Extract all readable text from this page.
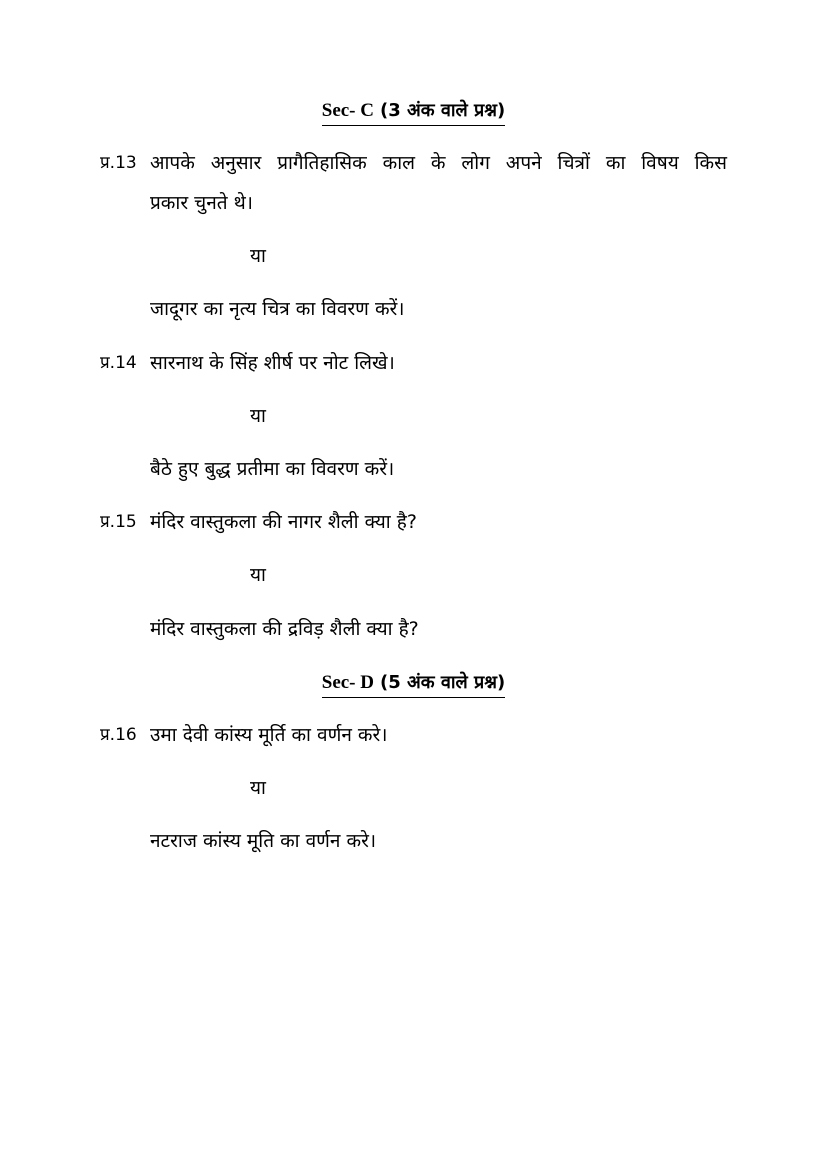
Sec- C (3 अंक वाले प्रश्न)
प्र.13 आपके अनुसार प्रागैतिहासिक काल के लोग अपने चित्रों का विषय किस
प्रकार चुनते थे।
या
जादूगर का नृत्य चित्र का विवरण करें।
प्र.14 सारनाथ के सिंह शीर्ष पर नोट लिखे।
या
बैठे हुए बुद्ध प्रतीमा का विवरण करें।
प्र.15 मंदिर वास्तुकला की नागर शैली क्या है?
या
मंदिर वास्तुकला की द्रविड़ शैली क्या है?
Sec- D (5 अंक वाले प्रश्न)
प्र.16 उमा देवी कांस्य मूर्ति का वर्णन करे।
या
नटराज कांस्य मूति का वर्णन करे।
